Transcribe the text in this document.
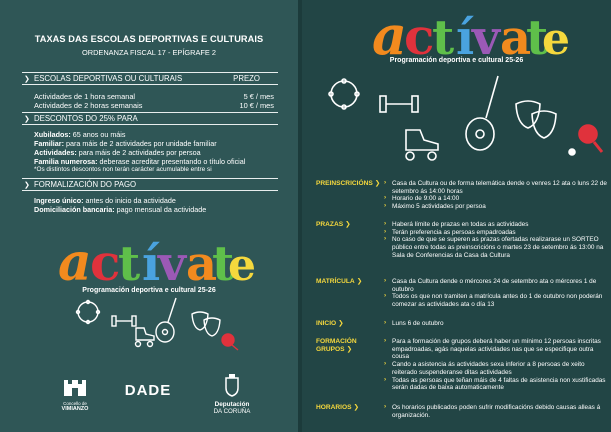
TAXAS DAS ESCOLAS DEPORTIVAS E CULTURAIS
ORDENANZA FISCAL 17 - EPÍGRAFE 2
❯ ESCOLAS DEPORTIVAS OU CULTURAIS	PREZO
Actividades de 1 hora semanal	5 € / mes
Actividades de 2 horas semanais	10 € / mes
❯ DESCONTOS DO 25% PARA
Xubilados: 65 anos ou máis
Familiar: para máis de 2 actividades por unidade familiar
Actividades: para máis de 2 actividades por persoa
Familia numerosa: deberase acreditar presentando o título oficial
*Os distintos descontos non terán carácter acumulable entre si
❯ FORMALIZACIÓN DO PAGO
Ingreso único: antes do inicio da actividade
Domiciliación bancaria: pago mensual da actividade
a
c
t í
v a
t
e
Programación deportiva e cultural 25-26
Concello de
VIMIANZO
DADE
Deputación
DA CORUÑA
a
c
t í
v a
t
e
Programación deportiva e cultural 25-26
PREINSCRICIÓNS ❯	› Casa da Cultura ou de forma telemática dende o venres 12 ata o luns 22 de setembro ás 14:00 horas
› Horario de 9:00 a 14:00
› Máximo 5 actividades por persoa
PRAZAS ❯	› Haberá límite de prazas en todas as actividades
› Terán preferencia as persoas empadroadas
› No caso de que se superen as prazas ofertadas realizarase un SORTEO público entre todas as preinscricións o martes 23 de setembro ás 13:00 na Sala de Conferencias da Casa da Cultura
MATRÍCULA ❯	› Casa da Cultura dende o mércores 24 de setembro ata o mércores 1 de outubro
› Todos os que non tramiten a matrícula antes do 1 de outubro non poderán comezar as actividades ata o día 13
INICIO ❯	› Luns 6 de outubro
FORMACIÓN GRUPOS ❯
› Para a formación de grupos deberá haber un mínimo 12 persoas inscritas empadroadas, agás naquelas actividades nas que se especifique outra cousa
› Cando a asistencia ás actividades sexa inferior a 8 persoas de xeito reiterado suspenderanse ditas actividades
› Todas as persoas que teñan máis de 4 faltas de asistencia non xustificadas serán dadas de baixa automaticamente
HORARIOS ❯	› Os horarios publicados poden sufrir modificacións debido causas alleas á organización.
